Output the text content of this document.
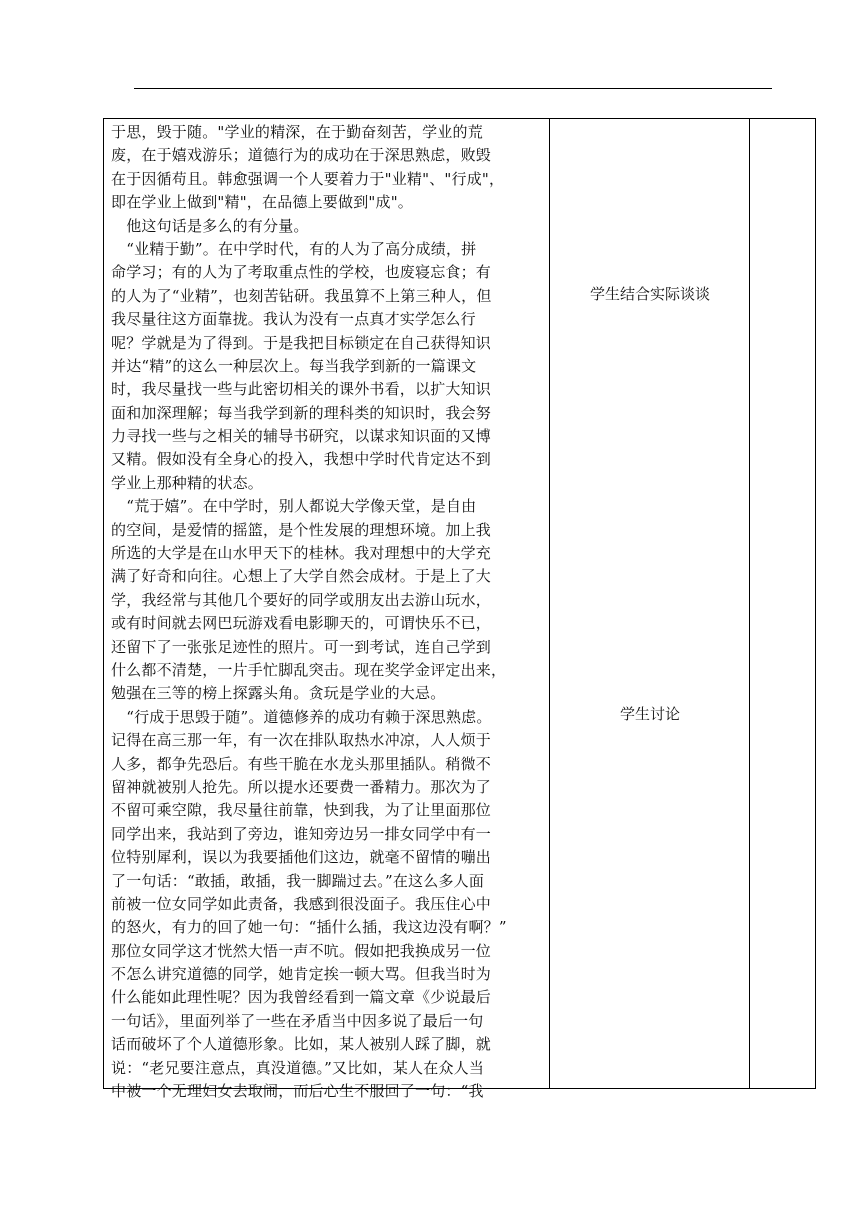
于思，毁于随。"学业的精深，在于勤奋刻苦，学业的荒
废，在于嬉戏游乐；道德行为的成功在于深思熟虑，败毁
在于因循苟且。韩愈强调一个人要着力于"业精"、"行成"，
即在学业上做到"精"，在品德上要做到"成"。
　他这句话是多么的有分量。
　“业精于勤”。在中学时代，有的人为了高分成绩，拼
命学习；有的人为了考取重点性的学校，也废寝忘食；有
的人为了“业精”，也刻苦钻研。我虽算不上第三种人，但
我尽量往这方面靠拢。我认为没有一点真才实学怎么行
呢？学就是为了得到。于是我把目标锁定在自己获得知识
并达“精”的这么一种层次上。每当我学到新的一篇课文
时，我尽量找一些与此密切相关的课外书看，以扩大知识
面和加深理解；每当我学到新的理科类的知识时，我会努
力寻找一些与之相关的辅导书研究，以谋求知识面的又博
又精。假如没有全身心的投入，我想中学时代肯定达不到
学业上那种精的状态。
　“荒于嬉”。在中学时，别人都说大学像天堂，是自由
的空间，是爱情的摇篮，是个性发展的理想环境。加上我
所选的大学是在山水甲天下的桂林。我对理想中的大学充
满了好奇和向往。心想上了大学自然会成材。于是上了大
学，我经常与其他几个要好的同学或朋友出去游山玩水，
或有时间就去网巴玩游戏看电影聊天的，可谓快乐不已，
还留下了一张张足迹性的照片。可一到考试，连自己学到
什么都不清楚，一片手忙脚乱突击。现在奖学金评定出来，
勉强在三等的榜上探露头角。贪玩是学业的大忌。
　“行成于思毁于随”。道德修养的成功有赖于深思熟虑。
记得在高三那一年，有一次在排队取热水冲凉，人人烦于
人多，都争先恐后。有些干脆在水龙头那里插队。稍微不
留神就被别人抢先。所以提水还要费一番精力。那次为了
不留可乘空隙，我尽量往前靠，快到我，为了让里面那位
同学出来，我站到了旁边，谁知旁边另一排女同学中有一
位特别犀利，误以为我要插他们这边，就毫不留情的嘣出
了一句话：“敢插，敢插，我一脚踹过去。”在这么多人面
前被一位女同学如此责备，我感到很没面子。我压住心中
的怒火，有力的回了她一句：“插什么插，我这边没有啊？”
那位女同学这才恍然大悟一声不吭。假如把我换成另一位
不怎么讲究道德的同学，她肯定挨一顿大骂。但我当时为
什么能如此理性呢？因为我曾经看到一篇文章《少说最后
一句话》，里面列举了一些在矛盾当中因多说了最后一句
话而破坏了个人道德形象。比如，某人被别人踩了脚，就
说：“老兄要注意点，真没道德。”又比如，某人在众人当
中被一个无理妇女去取闹，而后心生不服回了一句：“我
学生结合实际谈谈
学生讨论
